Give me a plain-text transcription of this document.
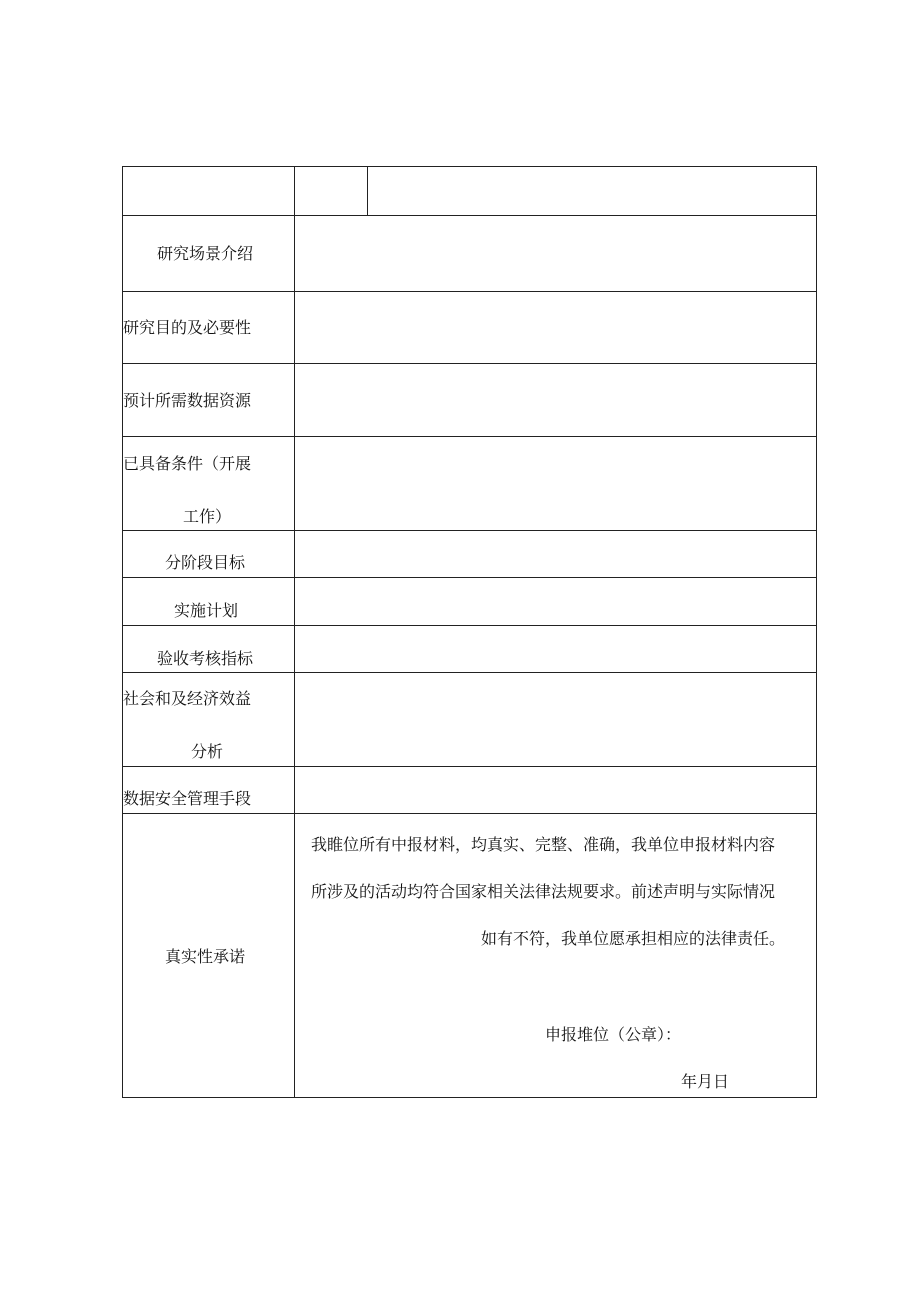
研究场景介绍
研究目的及必要性
预计所需数据资源
已具备条件（开展
工作）
分阶段目标
实施计划
验收考核指标
社会和及经济效益
分析
数据安全管理手段
真实性承诺
我睢位所有中报材料，均真实、完整、准确，我单位申报材料内容
所涉及的活动均符合国家相关法律法规要求。前述声明与实际情况
如有不符，我单位愿承担相应的法律责任。
申报堆位（公章）：
年月日
